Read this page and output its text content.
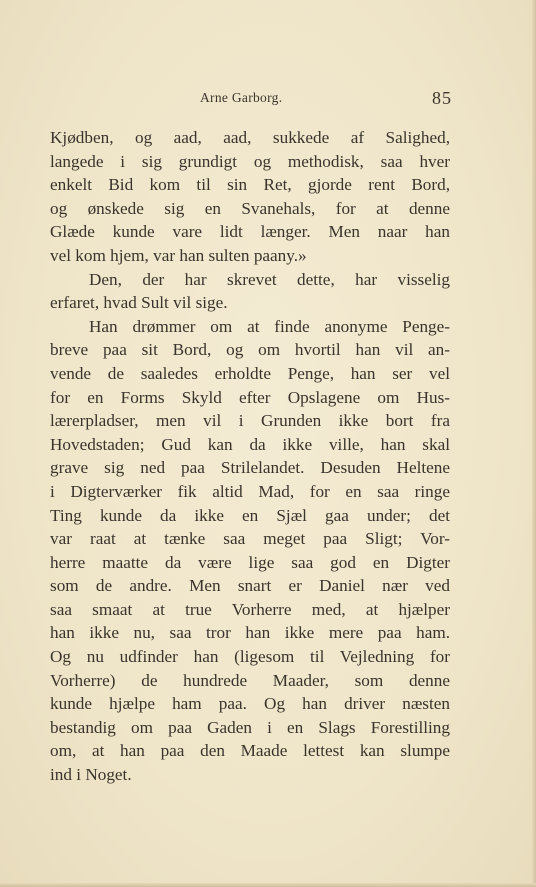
Arne Garborg.	85
Kjødben, og aad, aad, sukkede af Salighed,
langede i sig grundigt og methodisk, saa hver
enkelt Bid kom til sin Ret, gjorde rent Bord,
og ønskede sig en Svanehals, for at denne
Glæde kunde vare lidt længer. Men naar han
vel kom hjem, var han sulten paany.»
Den, der har skrevet dette, har visselig
erfaret, hvad Sult vil sige.
Han drømmer om at finde anonyme Penge-
breve paa sit Bord, og om hvortil han vil an-
vende de saaledes erholdte Penge, han ser vel
for en Forms Skyld efter Opslagene om Hus-
lærerpladser, men vil i Grunden ikke bort fra
Hovedstaden; Gud kan da ikke ville, han skal
grave sig ned paa Strilelandet. Desuden Heltene
i Digterværker fik altid Mad, for en saa ringe
Ting kunde da ikke en Sjæl gaa under; det
var raat at tænke saa meget paa Sligt; Vor-
herre maatte da være lige saa god en Digter
som de andre. Men snart er Daniel nær ved
saa smaat at true Vorherre med, at hjælper
han ikke nu, saa tror han ikke mere paa ham.
Og nu udfinder han (ligesom til Vejledning for
Vorherre) de hundrede Maader, som denne
kunde hjælpe ham paa. Og han driver næsten
bestandig om paa Gaden i en Slags Forestilling
om, at han paa den Maade lettest kan slumpe
ind i Noget.
